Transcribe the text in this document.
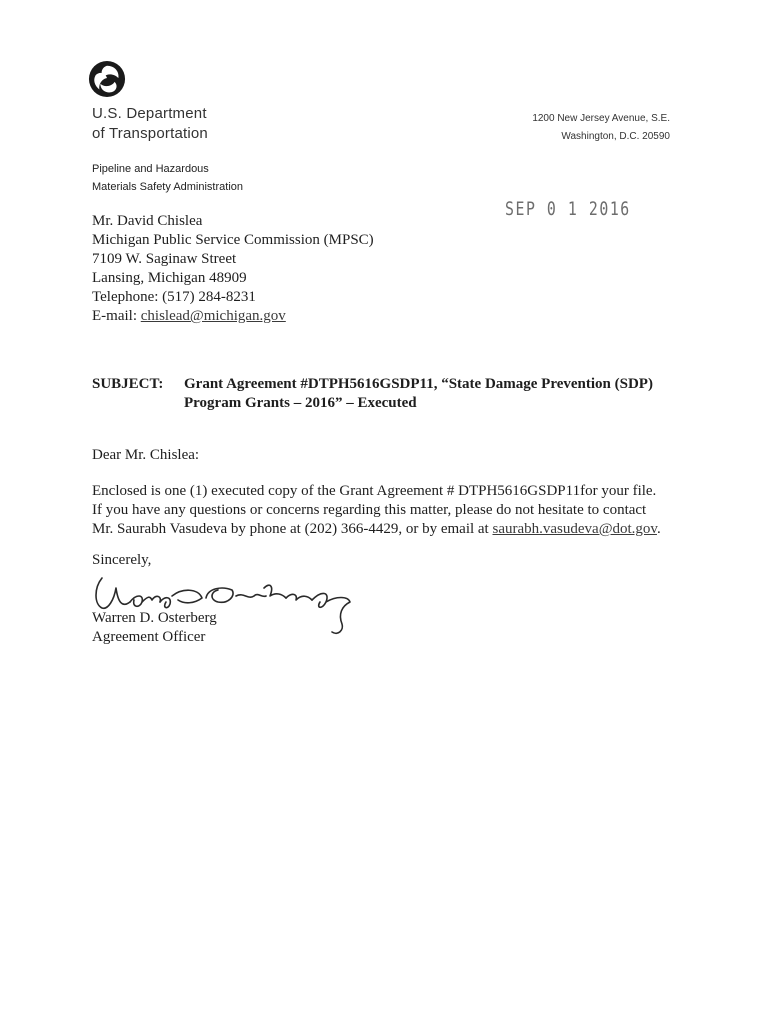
U.S. Department
of Transportation
1200 New Jersey Avenue, S.E.
Washington, D.C. 20590
Pipeline and Hazardous
Materials Safety Administration
SEP 0 1 2016
Mr. David Chislea
Michigan Public Service Commission (MPSC)
7109 W. Saginaw Street
Lansing, Michigan 48909
Telephone: (517) 284-8231
E-mail: chislead@michigan.gov
SUBJECT: Grant Agreement #DTPH5616GSDP11, “State Damage Prevention (SDP)
Program Grants – 2016” – Executed
Dear Mr. Chislea:
Enclosed is one (1) executed copy of the Grant Agreement # DTPH5616GSDP11for your file.
If you have any questions or concerns regarding this matter, please do not hesitate to contact
Mr. Saurabh Vasudeva by phone at (202) 366-4429, or by email at saurabh.vasudeva@dot.gov.
Sincerely,
Warren D. Osterberg
Agreement Officer
